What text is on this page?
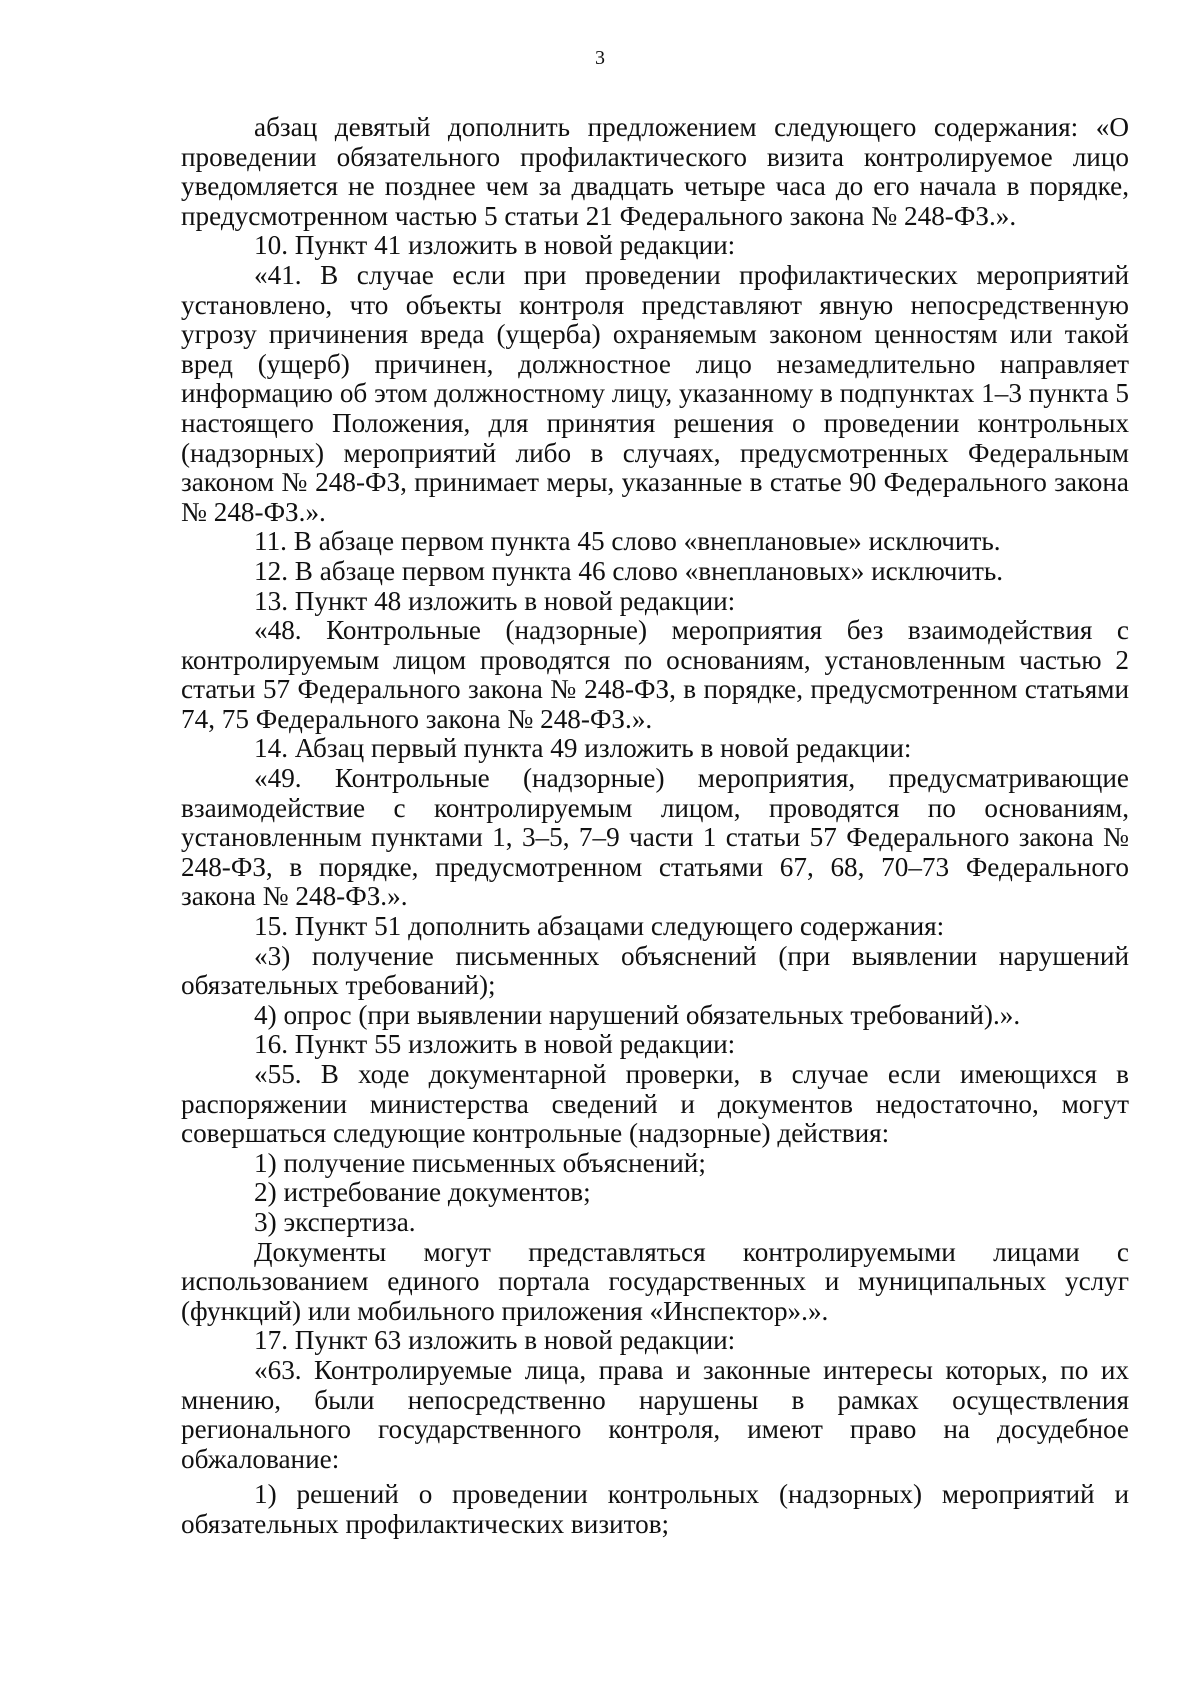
3

абзац девятый дополнить предложением следующего содержания: «О проведении обязательного профилактического визита контролируемое лицо уведомляется не позднее чем за двадцать четыре часа до его начала в порядке, предусмотренном частью 5 статьи 21 Федерального закона № 248-ФЗ.».

10. Пункт 41 изложить в новой редакции:

«41. В случае если при проведении профилактических мероприятий установлено, что объекты контроля представляют явную непосредственную угрозу причинения вреда (ущерба) охраняемым законом ценностям или такой вред (ущерб) причинен, должностное лицо незамедлительно направляет информацию об этом должностному лицу, указанному в подпунктах 1–3 пункта 5 настоящего Положения, для принятия решения о проведении контрольных (надзорных) мероприятий либо в случаях, предусмотренных Федеральным законом № 248-ФЗ, принимает меры, указанные в статье 90 Федерального закона № 248-ФЗ.».

11. В абзаце первом пункта 45 слово «внеплановые» исключить.

12. В абзаце первом пункта 46 слово «внеплановых» исключить.

13. Пункт 48 изложить в новой редакции:

«48. Контрольные (надзорные) мероприятия без взаимодействия с контролируемым лицом проводятся по основаниям, установленным частью 2 статьи 57 Федерального закона № 248-ФЗ, в порядке, предусмотренном статьями 74, 75 Федерального закона № 248-ФЗ.».

14. Абзац первый пункта 49 изложить в новой редакции:

«49. Контрольные (надзорные) мероприятия, предусматривающие взаимодействие с контролируемым лицом, проводятся по основаниям, установленным пунктами 1, 3–5, 7–9 части 1 статьи 57 Федерального закона № 248-ФЗ, в порядке, предусмотренном статьями 67, 68, 70–73 Федерального закона № 248-ФЗ.».

15. Пункт 51 дополнить абзацами следующего содержания:

«3) получение письменных объяснений (при выявлении нарушений обязательных требований);

4) опрос (при выявлении нарушений обязательных требований).».

16. Пункт 55 изложить в новой редакции:

«55. В ходе документарной проверки, в случае если имеющихся в распоряжении министерства сведений и документов недостаточно, могут совершаться следующие контрольные (надзорные) действия:

1) получение письменных объяснений;

2) истребование документов;

3) экспертиза.

Документы могут представляться контролируемыми лицами с использованием единого портала государственных и муниципальных услуг (функций) или мобильного приложения «Инспектор».».

17. Пункт 63 изложить в новой редакции:

«63. Контролируемые лица, права и законные интересы которых, по их мнению, были непосредственно нарушены в рамках осуществления регионального государственного контроля, имеют право на досудебное обжалование:

1) решений о проведении контрольных (надзорных) мероприятий и обязательных профилактических визитов;
